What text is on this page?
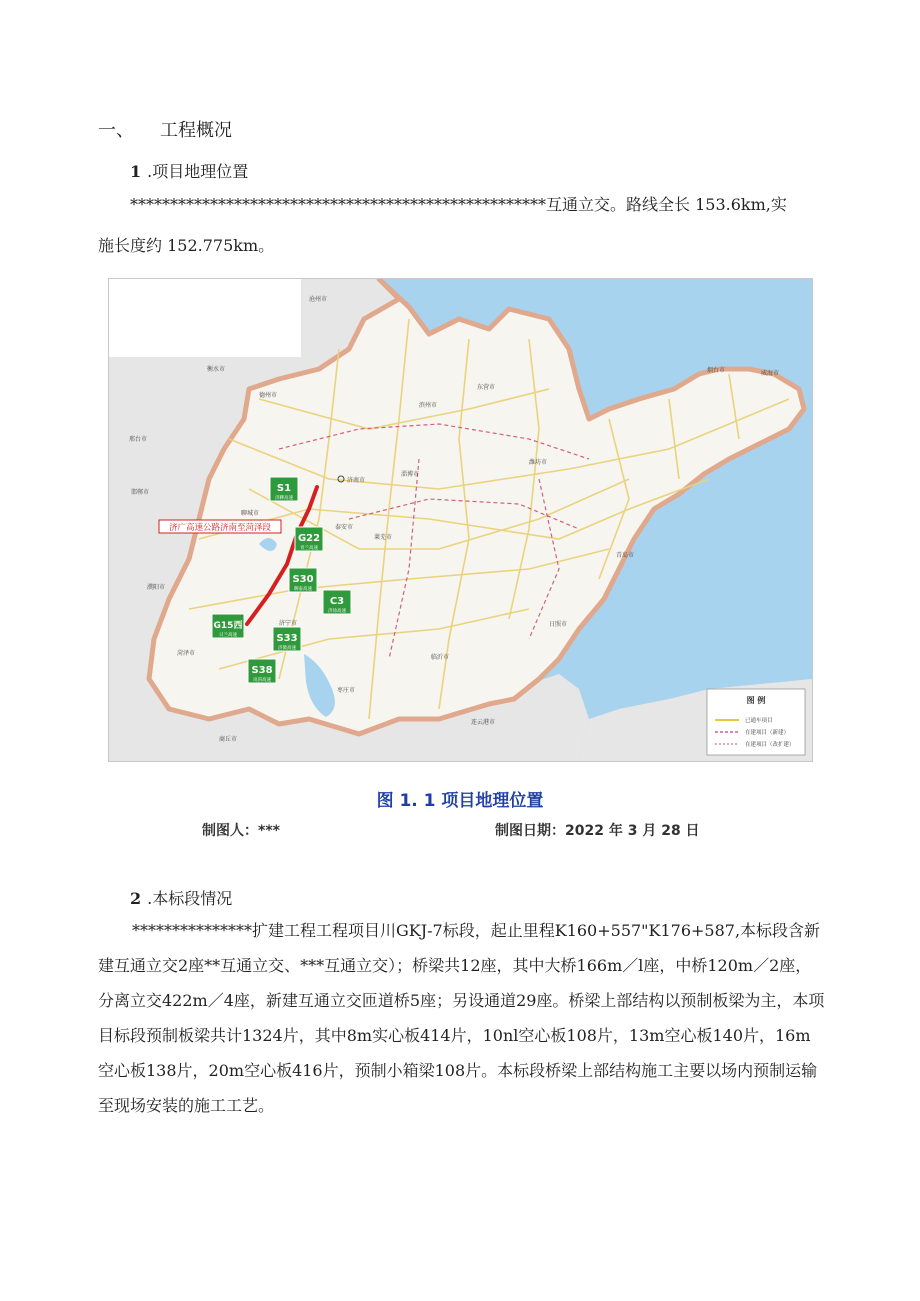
一、 工程概况
1 .项目地理位置
****************************************************互通立交。路线全长 153.6km,实
施长度约 152.775km。
济广高速公路济南至菏泽段
S1
济聊高速
G22
青兰高速
S30
聊泰高速
C3
济徐高速
G15西
日兰高速	S33
济微高速
S38
岚菏高速
济南市
聊城市
泰安市
济宁市
菏泽市
枣庄市
临沂市
日照市
青岛市
烟台市	威海市
东营市
滨州市
德州市
潍坊市
淄博市
莱芜市
沧州市
衡水市
邢台市
邯郸市
濮阳市
商丘市
连云港市
图 例
已通车项目
在建项目（新建）
在建项目（改扩建）
图 1. 1 项目地理位置
制图人：***	制图日期：2022 年 3 月 28 日
2 .本标段情况
***************扩建工程工程项目川GKJ-7标段，起止里程K160+557"K176+587,本标段含新建互通立交2座**互通立交、***互通立交）；桥梁共12座，其中大桥166m／l座，中桥120m／2座，分离立交422m／4座，新建互通立交匝道桥5座；另设通道29座。桥梁上部结构以预制板梁为主，本项目标段预制板梁共计1324片，其中8m实心板414片，10nl空心板108片，13m空心板140片，16m空心板138片，20m空心板416片，预制小箱梁108片。本标段桥梁上部结构施工主要以场内预制运输至现场安装的施工工艺。
